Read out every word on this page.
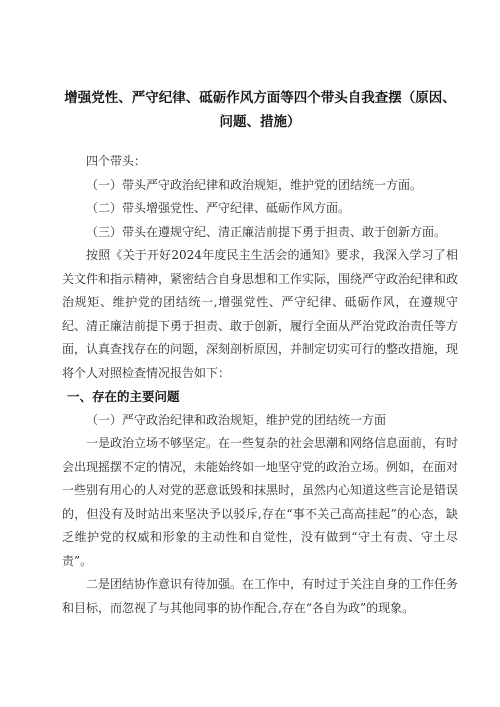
增强党性、严守纪律、砥砺作风方面等四个带头自我查摆（原因、问题、措施）

四个带头：

（一）带头严守政治纪律和政治规矩，维护党的团结统一方面。

（二）带头增强党性、严守纪律、砥砺作风方面。

（三）带头在遵规守纪、清正廉洁前提下勇于担责、敢于创新方面。

按照《关于开好2024年度民主生活会的通知》要求，我深入学习了相关文件和指示精神，紧密结合自身思想和工作实际，围绕严守政治纪律和政治规矩、维护党的团结统一,增强党性、严守纪律、砥砺作风，在遵规守纪、清正廉洁前提下勇于担责、敢于创新，履行全面从严治党政治责任等方面，认真查找存在的问题，深刻剖析原因，并制定切实可行的整改措施，现将个人对照检查情况报告如下：

一、存在的主要问题

（一）严守政治纪律和政治规矩，维护党的团结统一方面

一是政治立场不够坚定。在一些复杂的社会思潮和网络信息面前，有时会出现摇摆不定的情况，未能始终如一地坚守党的政治立场。例如，在面对一些别有用心的人对党的恶意诋毁和抹黑时，虽然内心知道这些言论是错误的，但没有及时站出来坚决予以驳斥,存在“事不关己高高挂起”的心态，缺乏维护党的权威和形象的主动性和自觉性，没有做到“守土有责、守土尽责”。

二是团结协作意识有待加强。在工作中，有时过于关注自身的工作任务和目标，而忽视了与其他同事的协作配合,存在“各自为政”的现象。
